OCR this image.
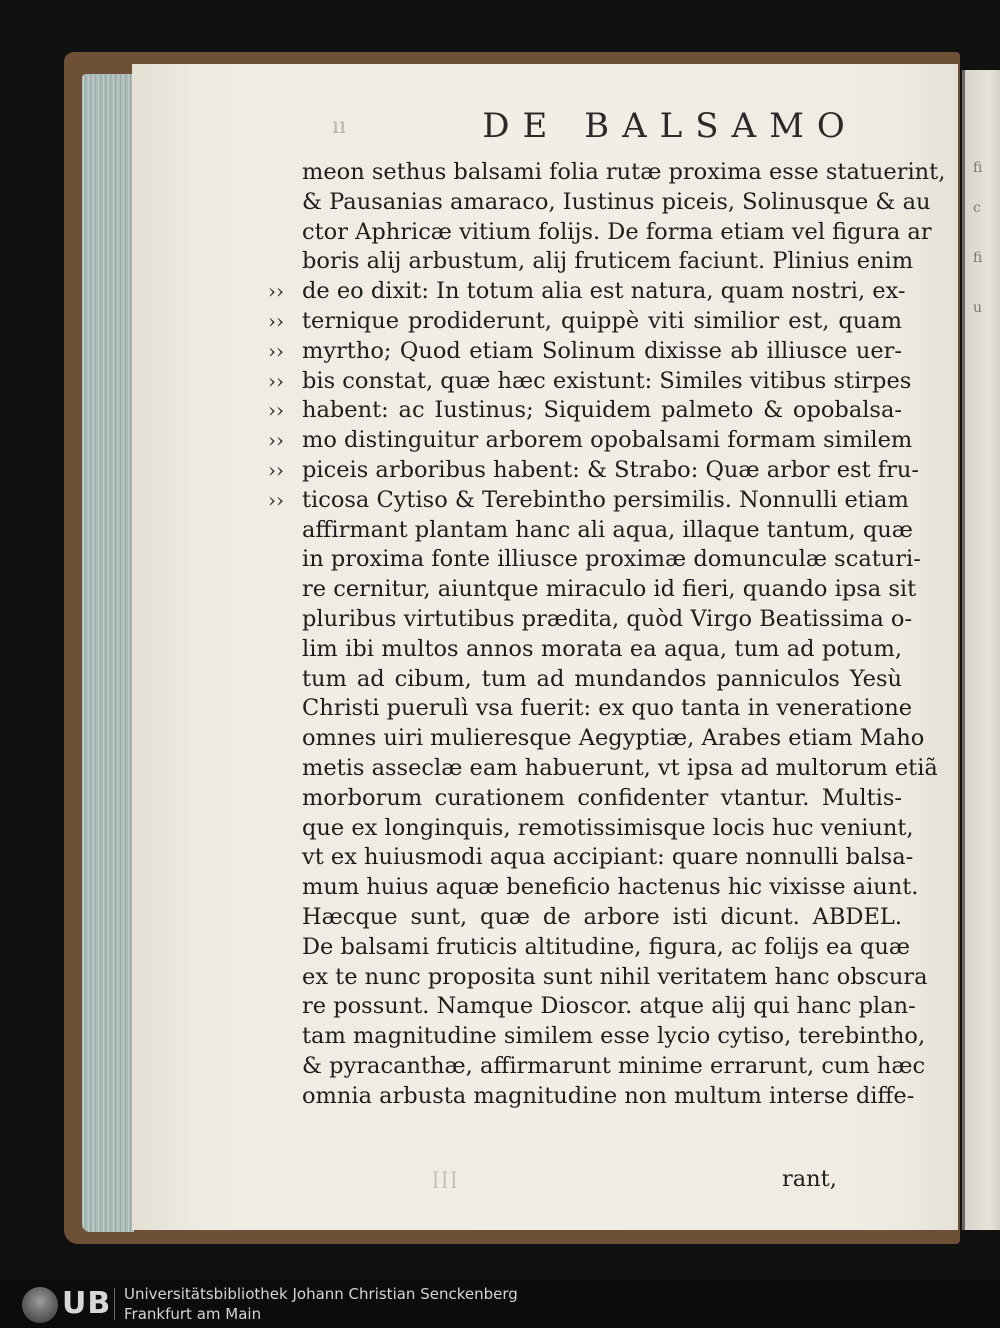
fi
c
fi
u
DE BALSAMO
ıı
meon sethus balsami folia rutæ proxima esse statuerint,
& Pausanias amaraco, Iustinus piceis, Solinusque & au
ctor Aphricæ vitium folijs. De forma etiam vel figura ar
boris alij arbustum, alij fruticem faciunt. Plinius enim
›› de eo dixit: In totum alia est natura, quam nostri, ex-
›› ternique prodiderunt, quippè viti similior est, quam
›› myrtho; Quod etiam Solinum dixisse ab illiusce uer-
›› bis constat, quæ hæc existunt: Similes vitibus stirpes
›› habent: ac Iustinus; Siquidem palmeto & opobalsa-
›› mo distinguitur arborem opobalsami formam similem
›› piceis arboribus habent: & Strabo: Quæ arbor est fru-
›› ticosa Cytiso & Terebintho persimilis. Nonnulli etiam
affirmant plantam hanc ali aqua, illaque tantum, quæ
in proxima fonte illiusce proximæ domunculæ scaturi-
re cernitur, aiuntque miraculo id fieri, quando ipsa sit
pluribus virtutibus prædita, quòd Virgo Beatissima o-
lim ibi multos annos morata ea aqua, tum ad potum,
tum ad cibum, tum ad mundandos panniculos Yesù
Christi puerulì vsa fuerit: ex quo tanta in veneratione
omnes uiri mulieresque Aegyptiæ, Arabes etiam Maho
metis asseclæ eam habuerunt, vt ipsa ad multorum etiã
morborum curationem confidenter vtantur. Multis-
que ex longinquis, remotissimisque locis huc veniunt,
vt ex huiusmodi aqua accipiant: quare nonnulli balsa-
mum huius aquæ beneficio hactenus hic vixisse aiunt.
Hæcque sunt, quæ de arbore isti dicunt. ABDEL.
De balsami fruticis altitudine, figura, ac folijs ea quæ
ex te nunc proposita sunt nihil veritatem hanc obscura
re possunt. Namque Dioscor. atque alij qui hanc plan-
tam magnitudine similem esse lycio cytiso, terebintho,
& pyracanthæ, affirmarunt minime errarunt, cum hæc
omnia arbusta magnitudine non multum interse diffe-
ꟾꟾꟾ	rant,
UB Universitätsbibliothek Johann Christian Senckenberg
Frankfurt am Main
